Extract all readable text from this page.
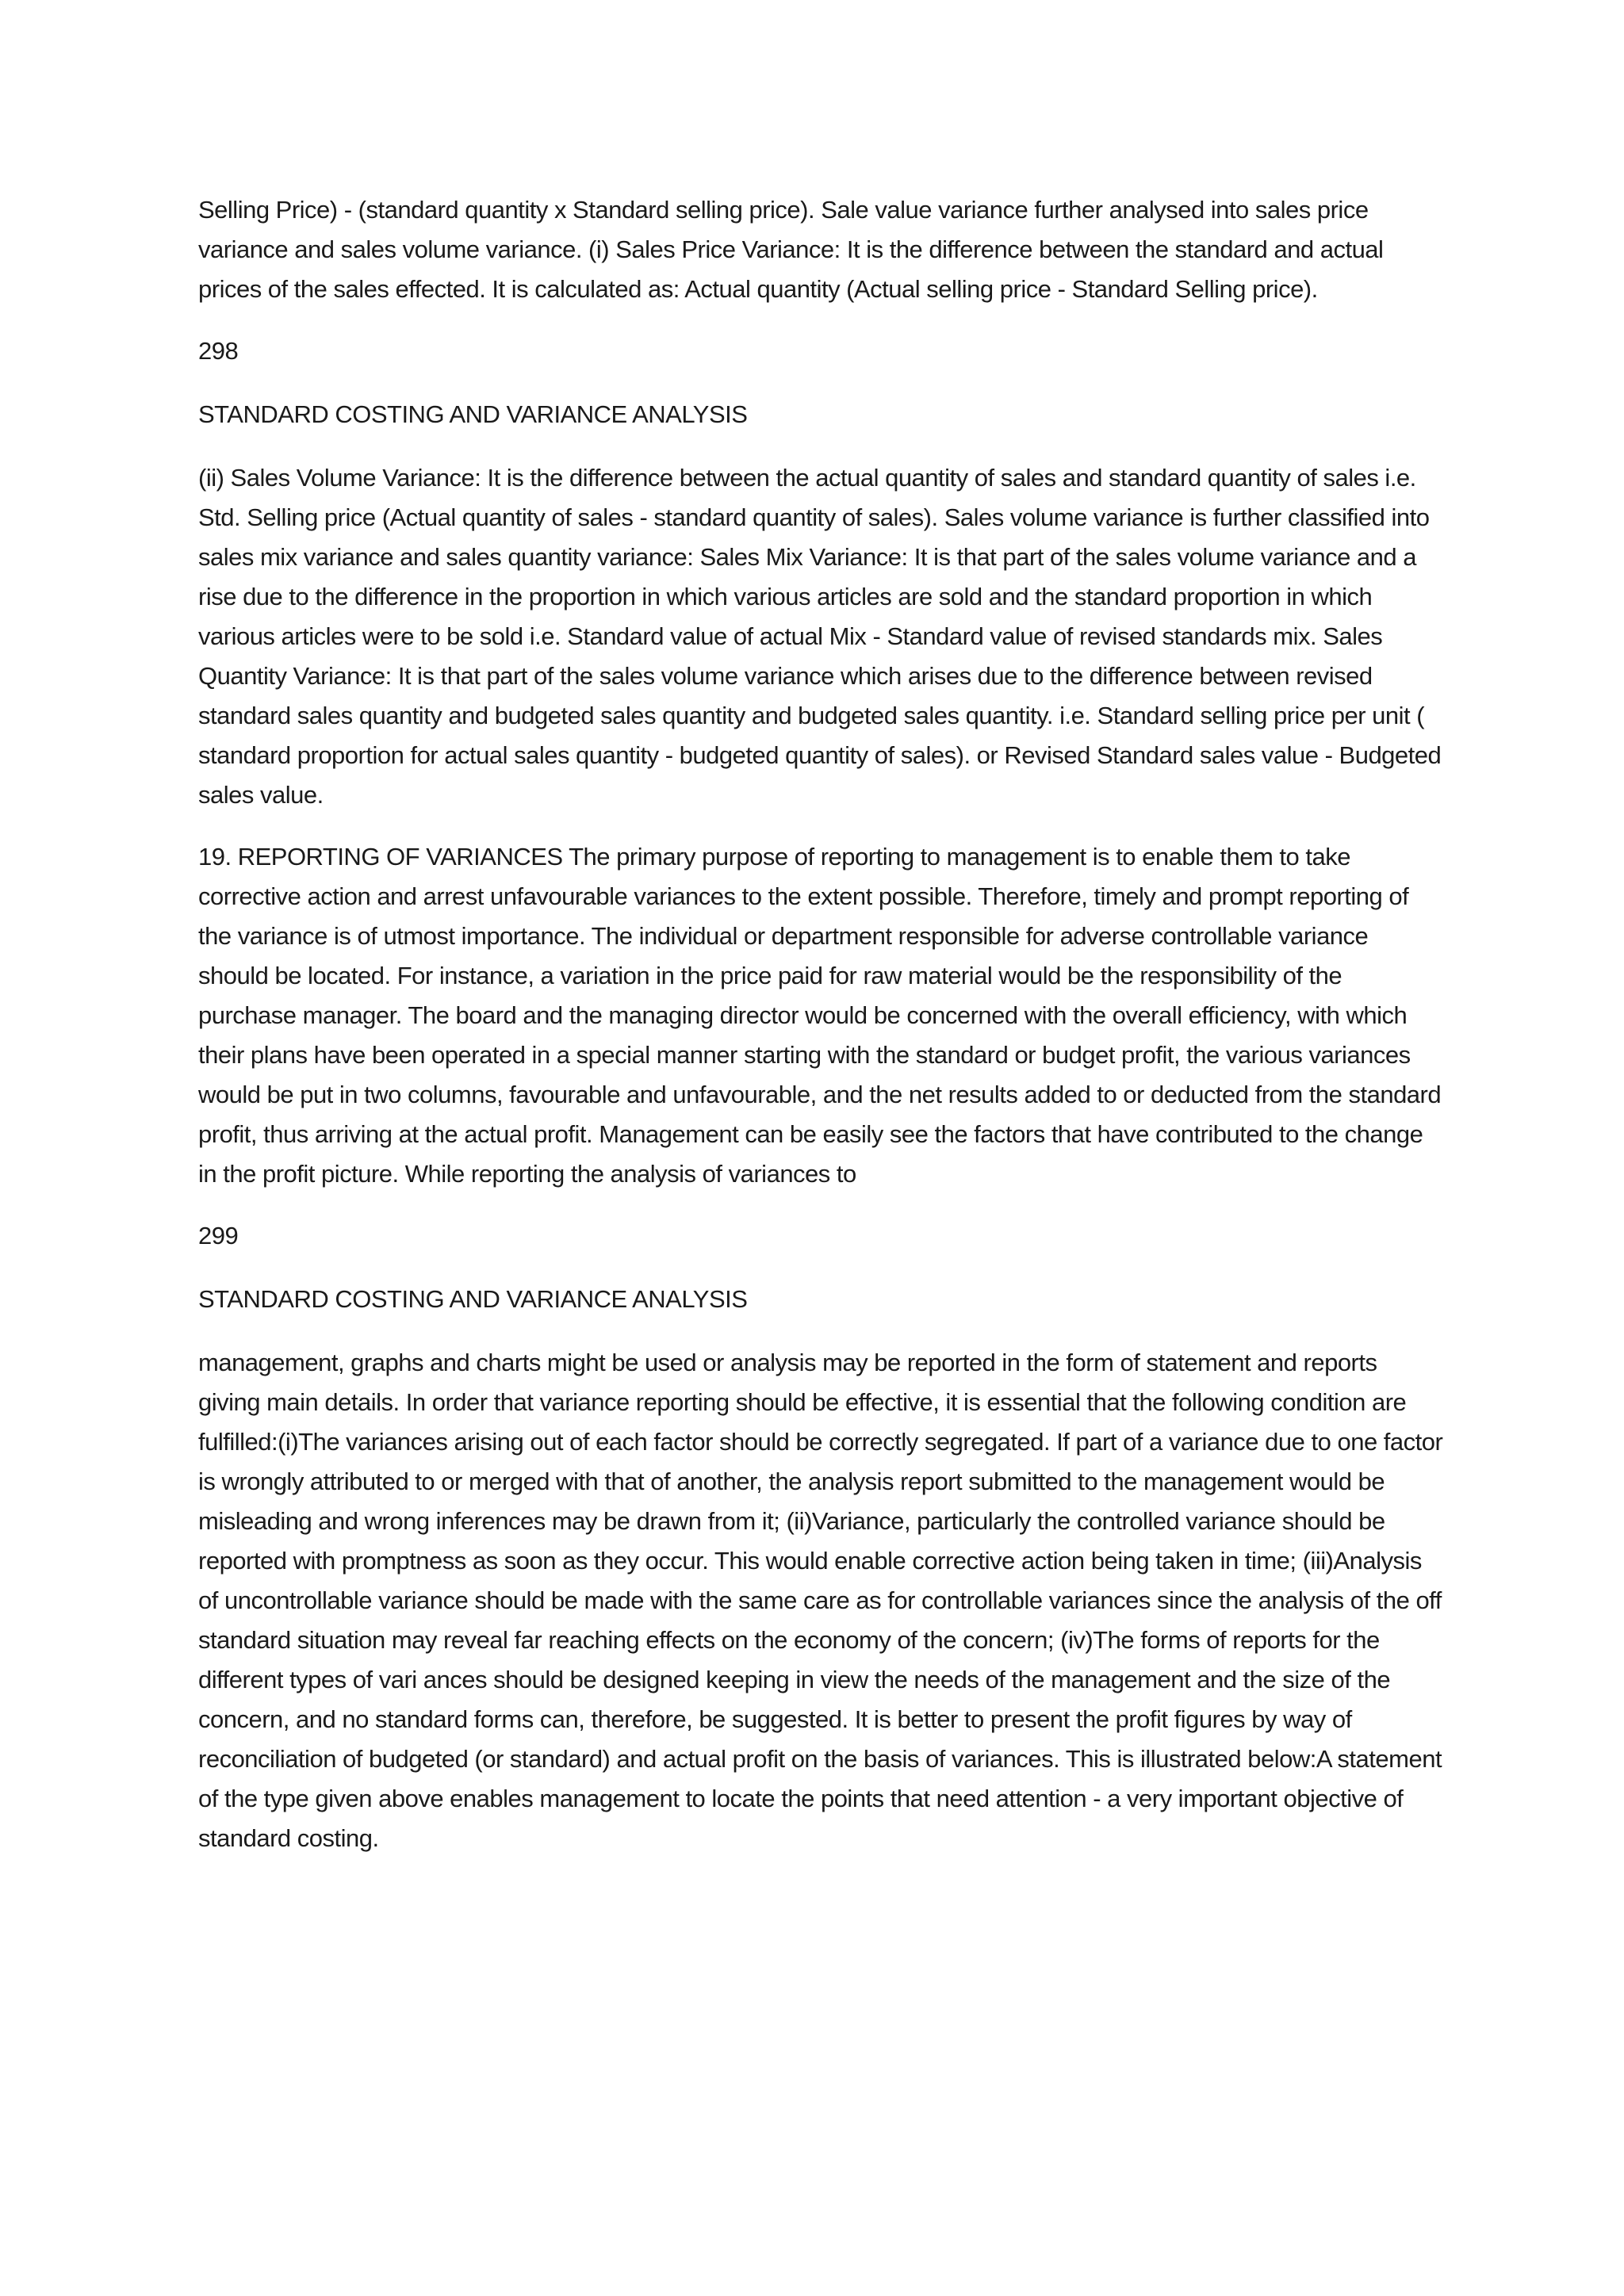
Selling Price) - (standard quantity x Standard selling price). Sale value variance further analysed into sales price variance and sales volume variance. (i) Sales Price Variance: It is the difference between the standard and actual prices of the sales effected. It is calculated as: Actual quantity (Actual selling price - Standard Selling price).

298

STANDARD COSTING AND VARIANCE ANALYSIS

(ii) Sales Volume Variance: It is the difference between the actual quantity of sales and standard quantity of sales i.e. Std. Selling price (Actual quantity of sales - standard quantity of sales). Sales volume variance is further classified into sales mix variance and sales quantity variance: Sales Mix Variance: It is that part of the sales volume variance and a rise due to the difference in the proportion in which various articles are sold and the standard proportion in which various articles were to be sold i.e. Standard value of actual Mix - Standard value of revised standards mix. Sales Quantity Variance: It is that part of the sales volume variance which arises due to the difference between revised standard sales quantity and budgeted sales quantity and budgeted sales quantity. i.e. Standard selling price per unit ( standard proportion for actual sales quantity - budgeted quantity of sales). or Revised Standard sales value - Budgeted sales value.

19. REPORTING OF VARIANCES The primary purpose of reporting to management is to enable them to take corrective action and arrest unfavourable variances to the extent possible. Therefore, timely and prompt reporting of the variance is of utmost importance. The individual or department responsible for adverse controllable variance should be located. For instance, a variation in the price paid for raw material would be the responsibility of the purchase manager. The board and the managing director would be concerned with the overall efficiency, with which their plans have been operated in a special manner starting with the standard or budget profit, the various variances would be put in two columns, favourable and unfavourable, and the net results added to or deducted from the standard profit, thus arriving at the actual profit. Management can be easily see the factors that have contributed to the change in the profit picture. While reporting the analysis of variances to

299

STANDARD COSTING AND VARIANCE ANALYSIS

management, graphs and charts might be used or analysis may be reported in the form of statement and reports giving main details. In order that variance reporting should be effective, it is essential that the following condition are fulfilled:(i)The variances arising out of each factor should be correctly segregated. If part of a variance due to one factor is wrongly attributed to or merged with that of another, the analysis report submitted to the management would be misleading and wrong inferences may be drawn from it; (ii)Variance, particularly the controlled variance should be reported with promptness as soon as they occur. This would enable corrective action being taken in time; (iii)Analysis of uncontrollable variance should be made with the same care as for controllable variances since the analysis of the off standard situation may reveal far reaching effects on the economy of the concern; (iv)The forms of reports for the different types of vari ances should be designed keeping in view the needs of the management and the size of the concern, and no standard forms can, therefore, be suggested. It is better to present the profit figures by way of reconciliation of budgeted (or standard) and actual profit on the basis of variances. This is illustrated below:A statement of the type given above enables management to locate the points that need attention - a very important objective of standard costing.
